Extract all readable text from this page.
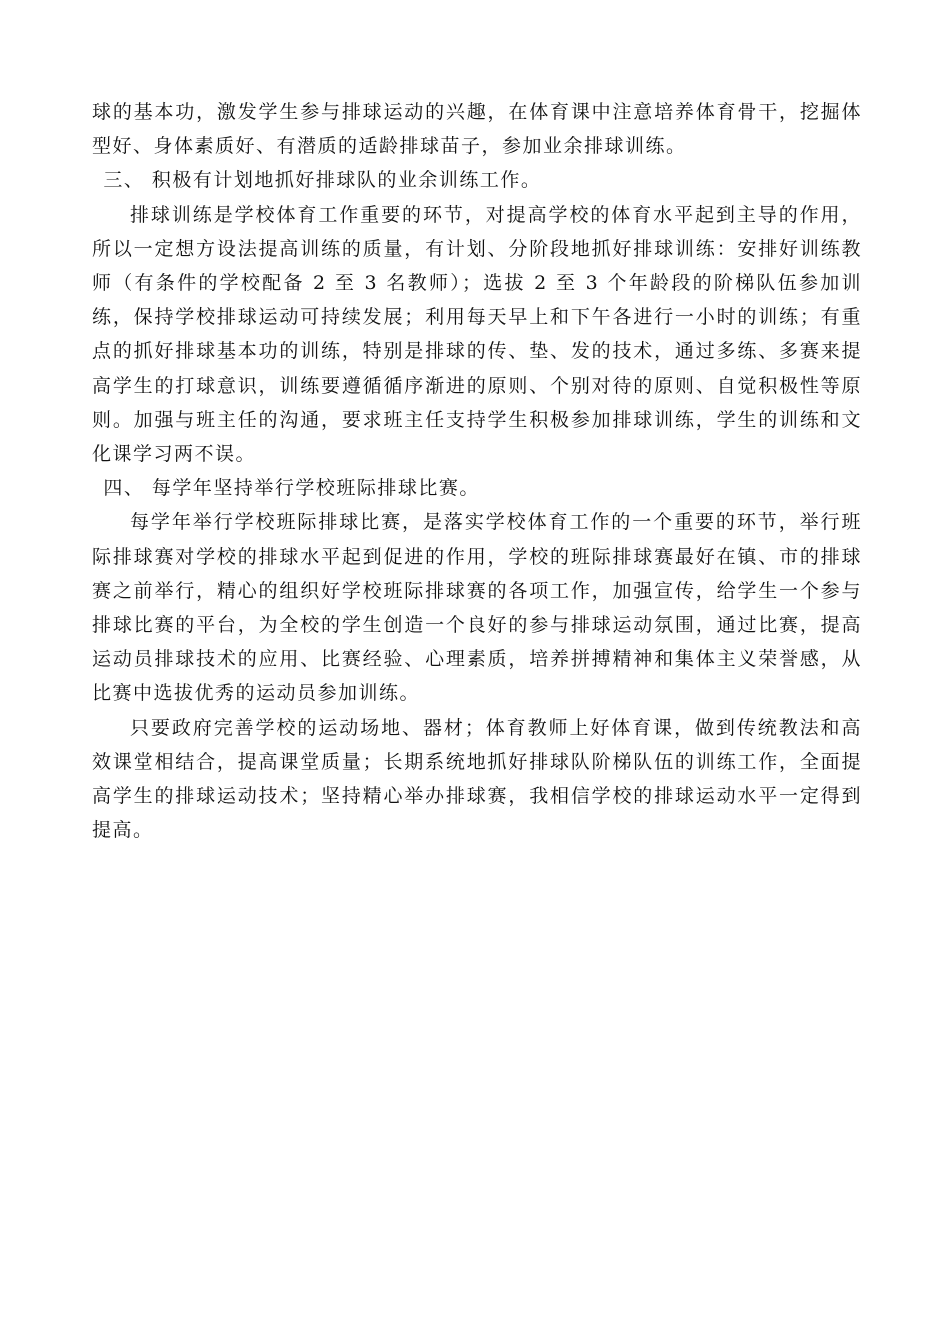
球的基本功，激发学生参与排球运动的兴趣，在体育课中注意培养体育骨干，挖掘体型好、身体素质好、有潜质的适龄排球苗子，参加业余排球训练。

三、 积极有计划地抓好排球队的业余训练工作。

排球训练是学校体育工作重要的环节，对提高学校的体育水平起到主导的作用，所以一定想方设法提高训练的质量，有计划、分阶段地抓好排球训练：安排好训练教师（有条件的学校配备 2 至 3 名教师）；选拔 2 至 3 个年龄段的阶梯队伍参加训练，保持学校排球运动可持续发展；利用每天早上和下午各进行一小时的训练；有重点的抓好排球基本功的训练，特别是排球的传、垫、发的技术，通过多练、多赛来提高学生的打球意识，训练要遵循循序渐进的原则、个别对待的原则、自觉积极性等原则。加强与班主任的沟通，要求班主任支持学生积极参加排球训练，学生的训练和文化课学习两不误。

四、 每学年坚持举行学校班际排球比赛。

每学年举行学校班际排球比赛，是落实学校体育工作的一个重要的环节，举行班际排球赛对学校的排球水平起到促进的作用，学校的班际排球赛最好在镇、市的排球赛之前举行，精心的组织好学校班际排球赛的各项工作，加强宣传，给学生一个参与排球比赛的平台，为全校的学生创造一个良好的参与排球运动氛围，通过比赛，提高运动员排球技术的应用、比赛经验、心理素质，培养拼搏精神和集体主义荣誉感，从比赛中选拔优秀的运动员参加训练。

只要政府完善学校的运动场地、器材；体育教师上好体育课，做到传统教法和高效课堂相结合，提高课堂质量；长期系统地抓好排球队阶梯队伍的训练工作，全面提高学生的排球运动技术；坚持精心举办排球赛，我相信学校的排球运动水平一定得到提高。
